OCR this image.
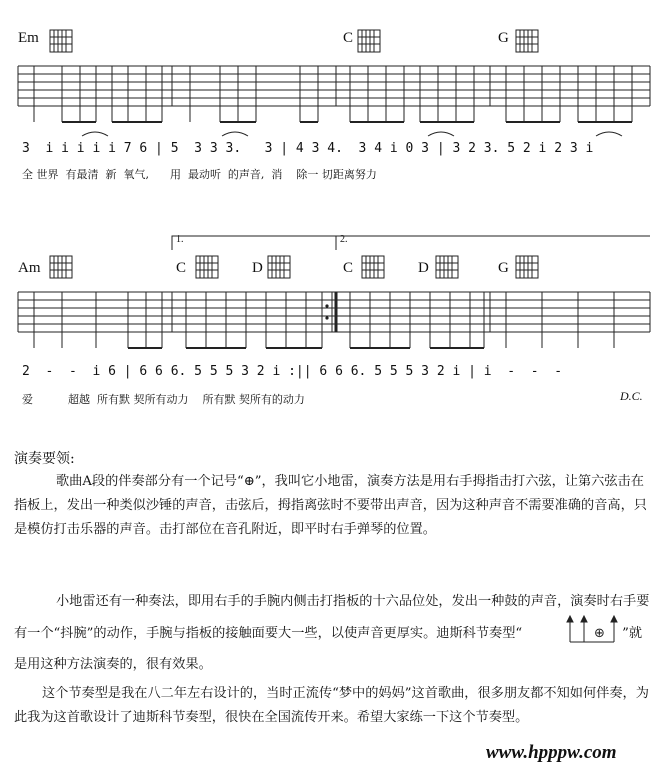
Em	C	G
3  i i i i i 7 6 | 5  3 3 3.   3 | 4 3 4.  3 4 i 0 3 | 3 2 3. 5 2 i 2 3 i
全 世界  有最清  新  氧气,      用  最动听  的声音,  消    除一 切距离努力
1.	2.
Am	C	D	C	D	G
2  -  -  i 6 | 6 6 6. 5 5 5 3 2 i :|| 6 6 6. 5 5 5 3 2 i | i  -  -  -
爱          超越  所有默 契所有动力    所有默 契所有的动力	D.C.
演奏要领:
歌曲A段的伴奏部分有一个记号“⊕”，我叫它小地雷，演奏方法是用右手拇指击打六弦，让第六弦击在指板上，发出一种类似沙锤的声音，击弦后，拇指离弦时不要带出声音，因为这种声音不需要准确的音高，只是模仿打击乐器的声音。击打部位在音孔附近，即平时右手弹琴的位置。
小地雷还有一种奏法，即用右手的手腕内侧击打指板的十六品位处，发出一种鼓的声音，演奏时右手要有一个“抖腕”的动作，手腕与指板的接触面要大一些，以使声音更厚实。迪斯科节奏型“	⊕ ”就是用这种方法演奏的，很有效果。
这个节奏型是我在八二年左右设计的，当时正流传“梦中的妈妈”这首歌曲，很多朋友都不知如何伴奏，为此我为这首歌设计了迪斯科节奏型，很快在全国流传开来。希望大家练一下这个节奏型。
www.hpppw.com
